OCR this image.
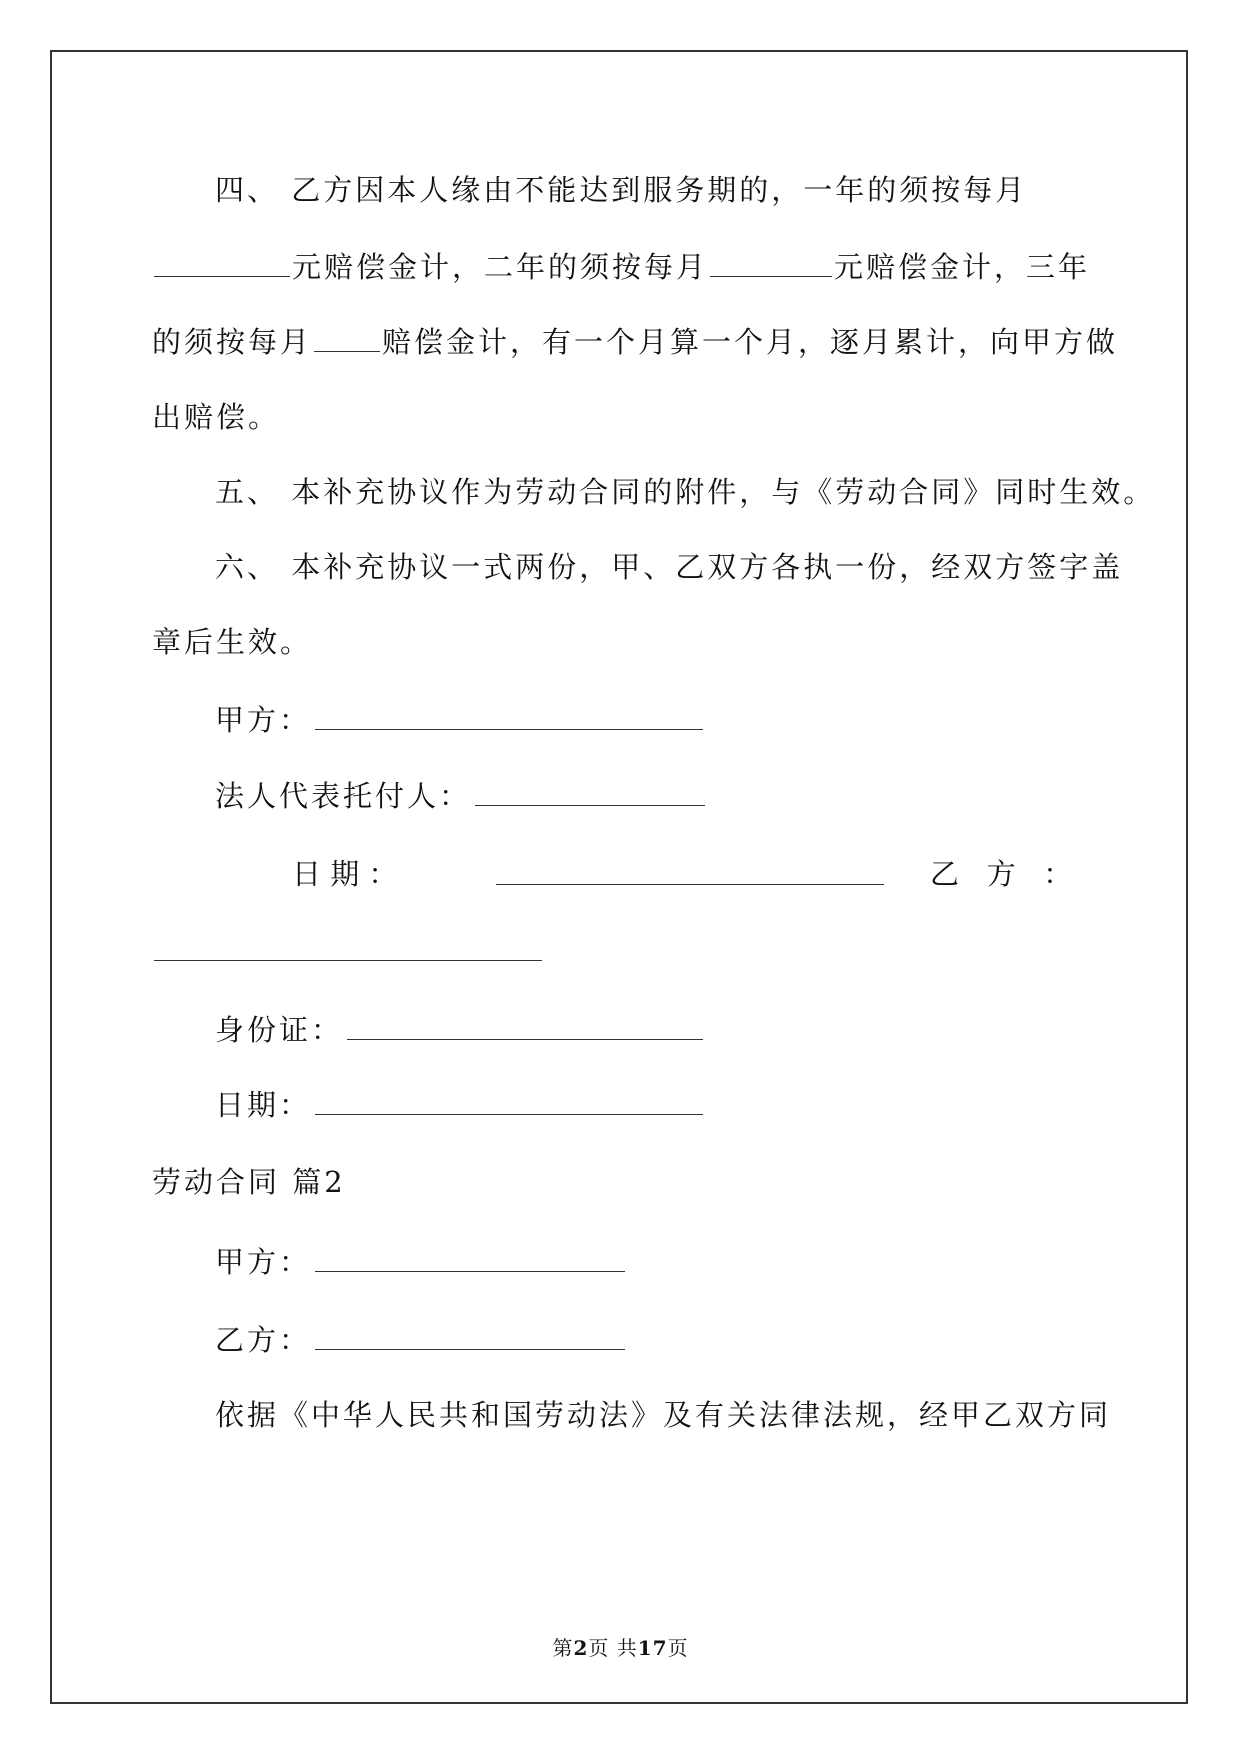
四、 乙方因本人缘由不能达到服务期的，一年的须按每月
元赔偿金计，二年的须按每月	元赔偿金计，三年
的须按每月 赔偿金计，有一个月算一个月，逐月累计，向甲方做
出赔偿。
五、 本补充协议作为劳动合同的附件，与《劳动合同》同时生效。
六、 本补充协议一式两份，甲、乙双方各执一份，经双方签字盖
章后生效。
甲方：
法人代表托付人：
日 期 ：	乙   方   ：
身份证：
日期：
劳动合同 篇2
甲方：
乙方：
依据《中华人民共和国劳动法》及有关法律法规，经甲乙双方同
第2页 共17页
